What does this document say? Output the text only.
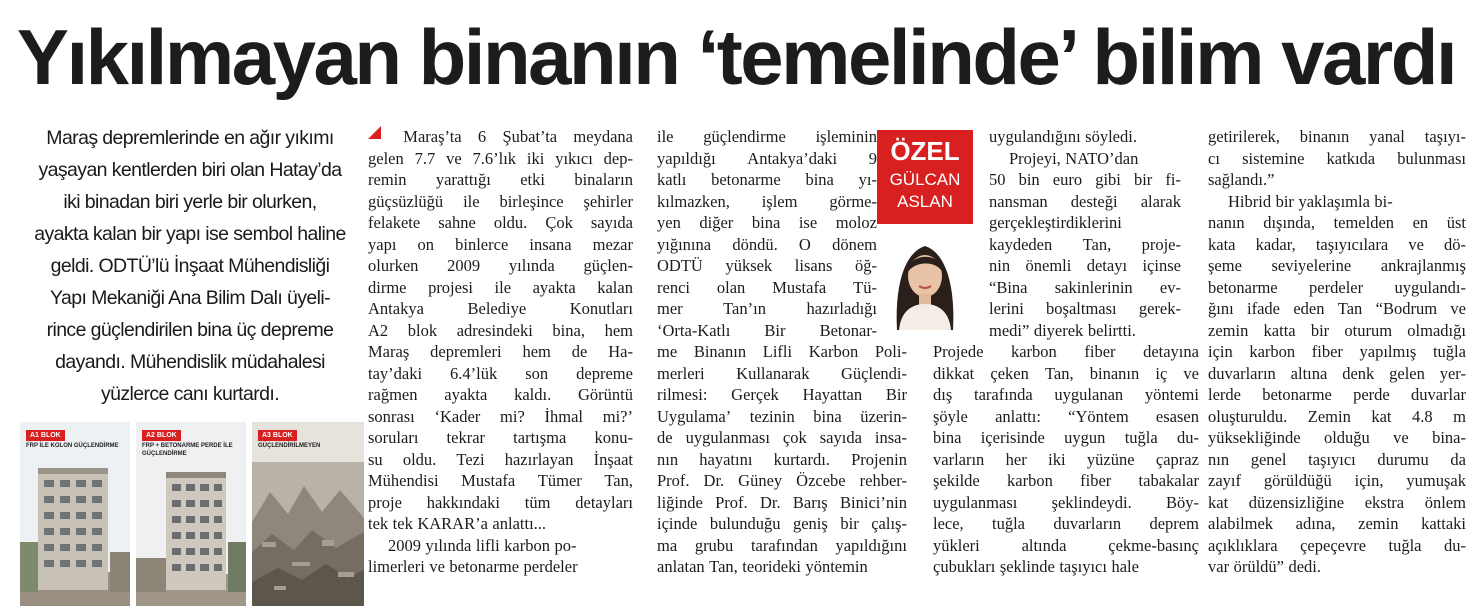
Yıkılmayan binanın ‘temelinde’ bilim vardı
Maraş depremlerinde en ağır yıkımı
yaşayan kentlerden biri olan Hatay’da
iki binadan biri yerle bir olurken,
ayakta kalan bir yapı ise sembol haline
geldi. ODTÜ’lü İnşaat Mühendisliği
Yapı Mekaniği Ana Bilim Dalı üyeli-
rince güçlendirilen bina üç depreme
dayandı. Mühendislik müdahalesi
yüzlerce canı kurtardı.
A1 BLOK
FRP İLE KOLON GÜÇLENDİRME
A2 BLOK
FRP + BETONARME PERDE İLE GÜÇLENDİRME
A3 BLOK
GÜÇLENDİRİLMEYEN
Maraş’ta 6 Şubat’ta meydana
gelen 7.7 ve 7.6’lık iki yıkıcı dep-
remin yarattığı etki binaların
güçsüzlüğü ile birleşince şehirler
felakete sahne oldu. Çok sayıda
yapı on binlerce insana mezar
olurken 2009 yılında güçlen-
dirme projesi ile ayakta kalan
Antakya	Belediye	Konutları
A2 blok adresindeki bina, hem
Maraş depremleri hem de Ha-
tay’daki 6.4’lük son depreme
rağmen ayakta kaldı. Görüntü
sonrası ‘Kader mi? İhmal mi?’
soruları tekrar tartışma konu-
su oldu. Tezi hazırlayan İnşaat
Mühendisi Mustafa Tümer Tan,
proje hakkındaki tüm detayları
tek tek KARAR’a anlattı...
2009 yılında lifli karbon po-
limerleri ve betonarme perdeler
ile güçlendirme işleminin
yapıldığı Antakya’daki 9
katlı betonarme bina yı-
kılmazken, işlem görme-
yen diğer bina ise moloz
yığınına döndü. O dönem
ODTÜ yüksek lisans öğ-
renci olan Mustafa Tü-
mer Tan’ın hazırladığı
‘Orta-Katlı Bir Betonar-
me Binanın Lifli Karbon Poli-
merleri Kullanarak Güçlendi-
rilmesi: Gerçek Hayattan Bir
Uygulama’ tezinin bina üzerin-
de uygulanması çok sayıda insa-
nın hayatını kurtardı. Projenin
Prof. Dr. Güney Özcebe rehber-
liğinde Prof. Dr. Barış Binici’nin
içinde bulunduğu geniş bir çalış-
ma grubu tarafından yapıldığını
anlatan Tan, teorideki yöntemin
uygulandığını söyledi.
Projeyi, NATO’dan
50 bin euro gibi bir fi-
nansman desteği alarak
gerçekleştirdiklerini
kaydeden Tan, proje-
nin önemli detayı içinse
“Bina sakinlerinin ev-
lerini boşaltması gerek-
medi” diyerek belirtti.
Projede karbon fiber detayına
dikkat çeken Tan, binanın iç ve
dış tarafında uygulanan yöntemi
şöyle anlattı: “Yöntem esasen
bina içerisinde uygun tuğla du-
varların her iki yüzüne çapraz
şekilde karbon fiber tabakalar
uygulanması şeklindeydi. Böy-
lece, tuğla duvarların deprem
yükleri	altında	çekme-basınç
çubukları şeklinde taşıyıcı hale
getirilerek, binanın yanal taşıyı-
cı sistemine katkıda bulunması
sağlandı.”
Hibrid bir yaklaşımla bi-
nanın dışında, temelden en üst
kata kadar, taşıyıcılara ve dö-
şeme seviyelerine ankrajlanmış
betonarme perdeler uygulandı-
ğını ifade eden Tan “Bodrum ve
zemin katta bir oturum olmadığı
için karbon fiber yapılmış tuğla
duvarların altına denk gelen yer-
lerde betonarme perde duvarlar
oluşturuldu. Zemin kat 4.8 m
yüksekliğinde olduğu ve bina-
nın genel taşıyıcı durumu da
zayıf görüldüğü için, yumuşak
kat düzensizliğine ekstra önlem
alabilmek adına, zemin kattaki
açıklıklara çepeçevre tuğla du-
var örüldü” dedi.
ÖZEL
GÜLCAN
ASLAN
